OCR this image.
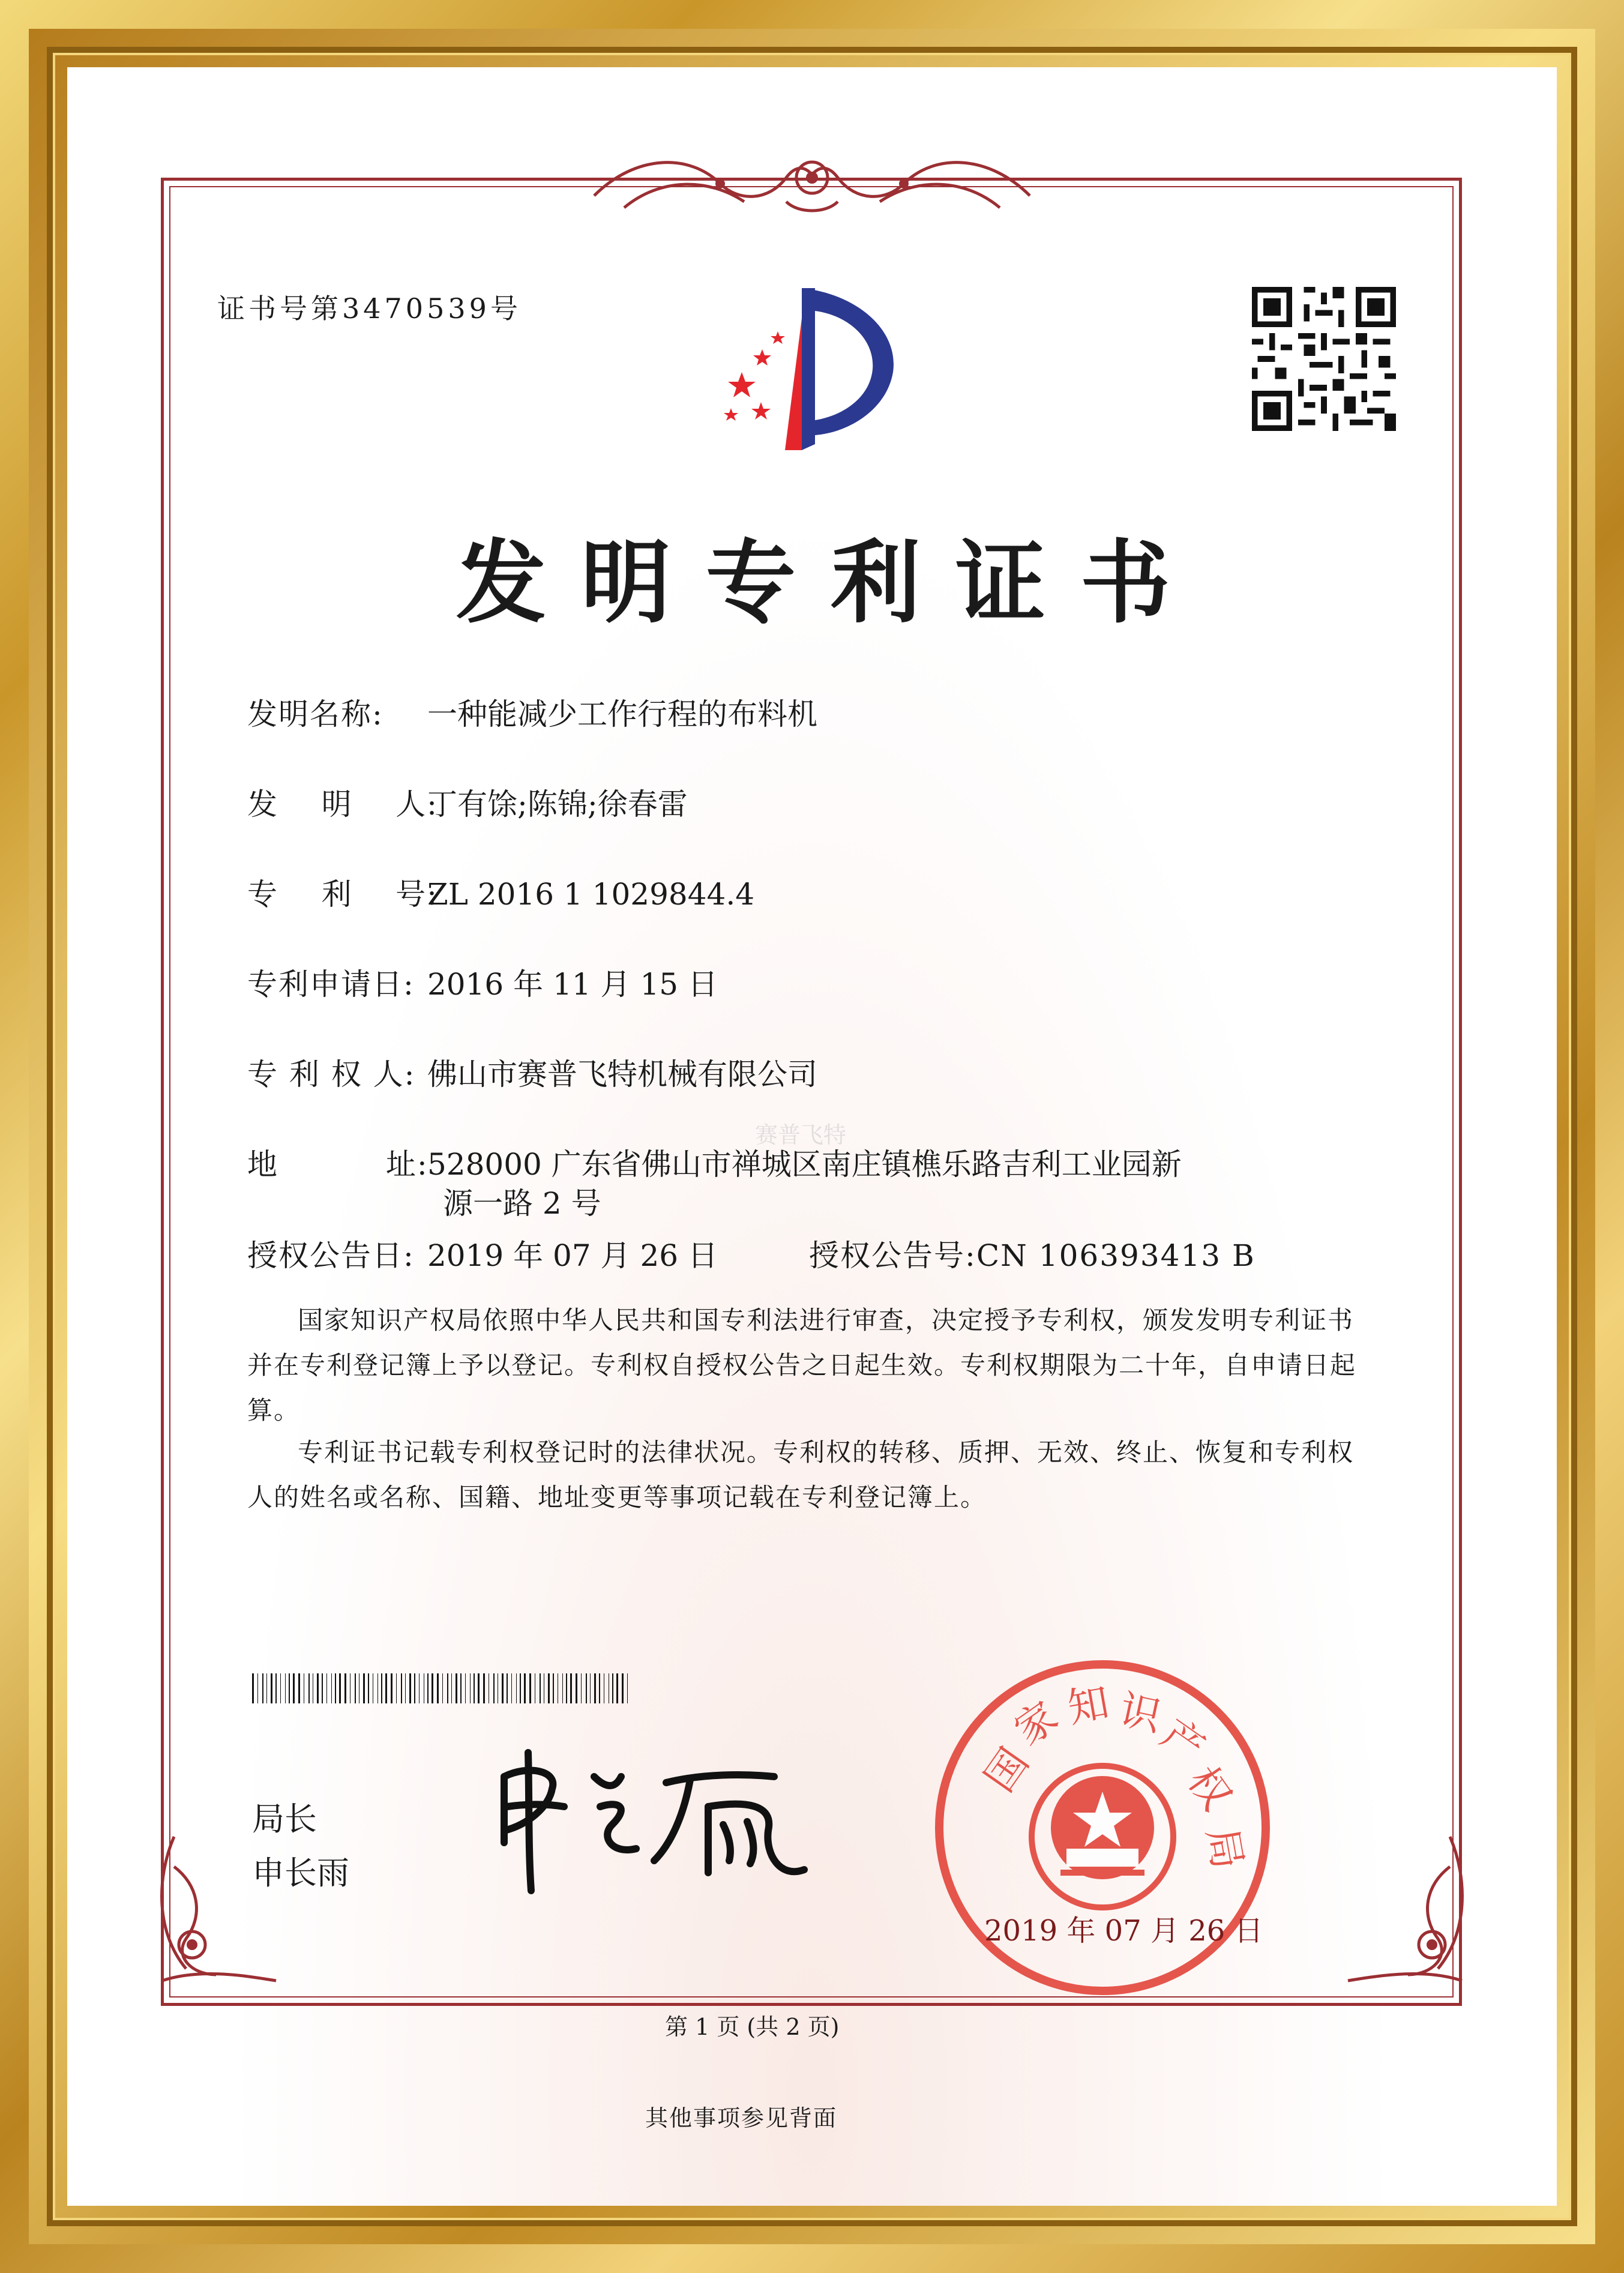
证书号第3470539号
发明专利证书
发明名称: 一种能减少工作行程的布料机
发    明    人:丁有馀;陈锦;徐春雷
专    利    号:ZL 2016 1 1029844.4
专利申请日: 2016 年 11 月 15 日
专 利 权 人: 佛山市赛普飞特机械有限公司
地          址:528000 广东省佛山市禅城区南庄镇樵乐路吉利工业园新
源一路 2 号
授权公告日: 2019 年 07 月 26 日	授权公告号:CN 106393413 B
赛普飞特
国家知识产权局依照中华人民共和国专利法进行审查，决定授予专利权，颁发发明专利证书并在专利登记簿上予以登记。专利权自授权公告之日起生效。专利权期限为二十年，自申请日起算。
专利证书记载专利权登记时的法律状况。专利权的转移、质押、无效、终止、恢复和专利权人的姓名或名称、国籍、地址变更等事项记载在专利登记簿上。
局长
申长雨
国
家
知 识
产
权
局
2019 年 07 月 26 日
第 1 页 (共 2 页)
其他事项参见背面
